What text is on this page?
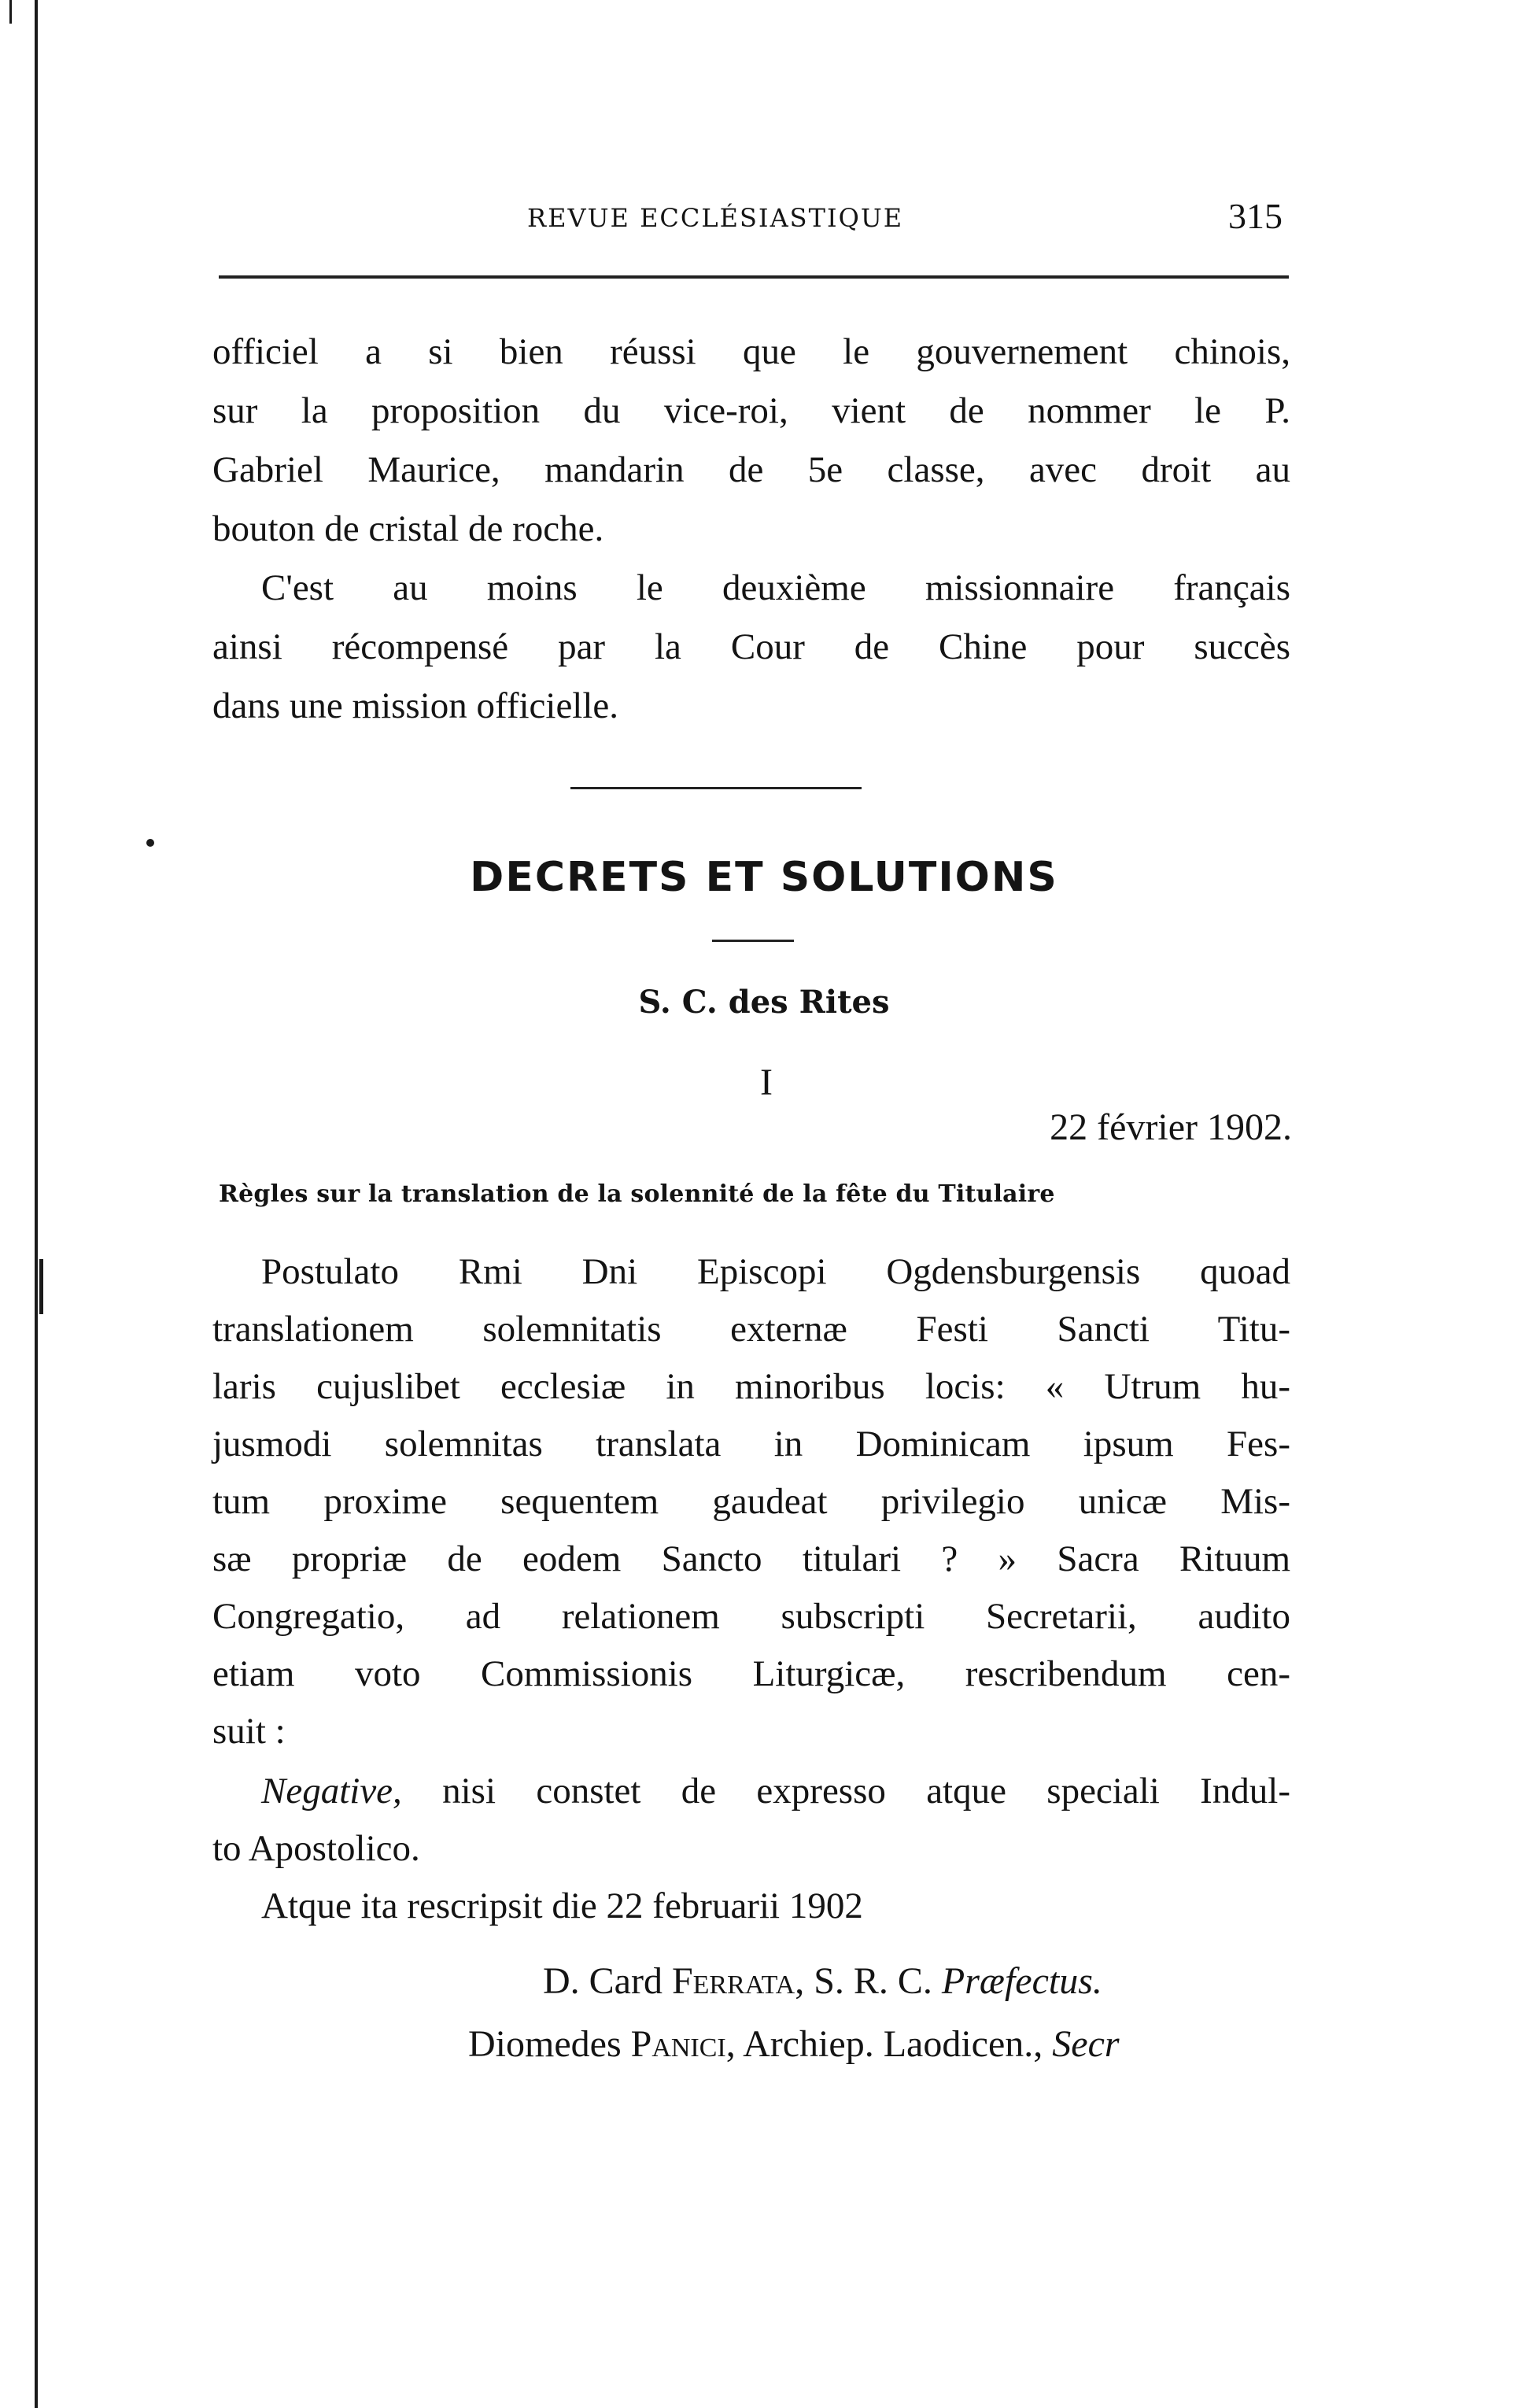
REVUE ECCLÉSIASTIQUE	315
officiel a si bien réussi que le gouvernement chinois,
sur la proposition du vice-roi, vient de nommer le P.
Gabriel Maurice, mandarin de 5e classe, avec droit au
bouton de cristal de roche.
C'est au moins le deuxième missionnaire français
ainsi récompensé par la Cour de Chine pour succès
dans une mission officielle.
DECRETS ET SOLUTIONS
S. C. des Rites
I
22 février 1902.
Règles sur la translation de la solennité de la fête du Titulaire
Postulato Rmi Dni Episcopi Ogdensburgensis quoad
translationem solemnitatis externæ Festi Sancti Titu-
laris cujuslibet ecclesiæ in minoribus locis: « Utrum hu-
jusmodi solemnitas translata in Dominicam ipsum Fes-
tum proxime sequentem gaudeat privilegio unicæ Mis-
sæ propriæ de eodem Sancto titulari ? » Sacra Rituum
Congregatio, ad relationem subscripti Secretarii, audito
etiam voto Commissionis Liturgicæ, rescribendum cen-
suit :
Negative, nisi constet de expresso atque speciali Indul-
to Apostolico.
Atque ita rescripsit die 22 februarii 1902
D. Card Ferrata, S. R. C. Præfectus.
Diomedes Panici, Archiep. Laodicen., Secr
